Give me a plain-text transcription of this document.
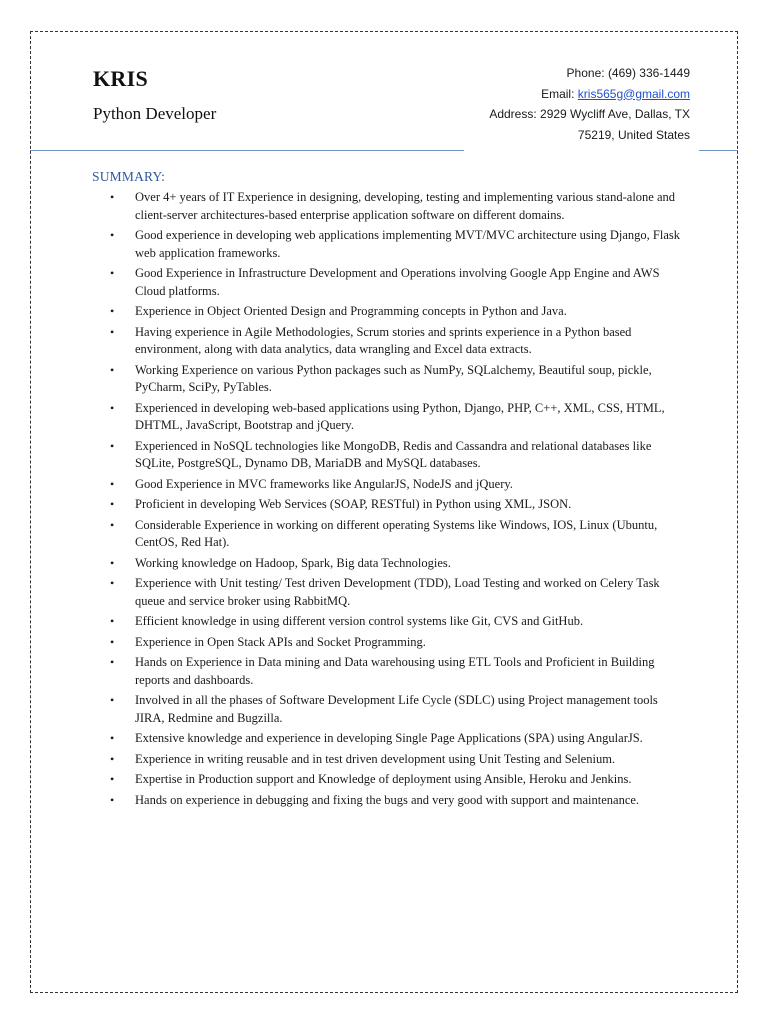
KRIS
Python Developer
Phone: (469) 336-1449
Email: kris565g@gmail.com
Address: 2929 Wycliff Ave, Dallas, TX
75219, United States
SUMMARY:
• Over 4+ years of IT Experience in designing, developing, testing and implementing various stand-alone and client-server architectures-based enterprise application software on different domains.
• Good experience in developing web applications implementing MVT/MVC architecture using Django, Flask web application frameworks.
• Good Experience in Infrastructure Development and Operations involving Google App Engine and AWS Cloud platforms.
• Experience in Object Oriented Design and Programming concepts in Python and Java.
• Having experience in Agile Methodologies, Scrum stories and sprints experience in a Python based environment, along with data analytics, data wrangling and Excel data extracts.
• Working Experience on various Python packages such as NumPy, SQLalchemy, Beautiful soup, pickle, PyCharm, SciPy, PyTables.
• Experienced in developing web-based applications using Python, Django, PHP, C++, XML, CSS, HTML, DHTML, JavaScript, Bootstrap and jQuery.
• Experienced in NoSQL technologies like MongoDB, Redis and Cassandra and relational databases like SQLite, PostgreSQL, Dynamo DB, MariaDB and MySQL databases.
• Good Experience in MVC frameworks like AngularJS, NodeJS and jQuery.
• Proficient in developing Web Services (SOAP, RESTful) in Python using XML, JSON.
• Considerable Experience in working on different operating Systems like Windows, IOS, Linux (Ubuntu, CentOS, Red Hat).
• Working knowledge on Hadoop, Spark, Big data Technologies.
• Experience with Unit testing/ Test driven Development (TDD), Load Testing and worked on Celery Task queue and service broker using RabbitMQ.
• Efficient knowledge in using different version control systems like Git, CVS and GitHub.
• Experience in Open Stack APIs and Socket Programming.
• Hands on Experience in Data mining and Data warehousing using ETL Tools and Proficient in Building reports and dashboards.
• Involved in all the phases of Software Development Life Cycle (SDLC) using Project management tools JIRA, Redmine and Bugzilla.
• Extensive knowledge and experience in developing Single Page Applications (SPA) using AngularJS.
• Experience in writing reusable and in test driven development using Unit Testing and Selenium.
• Expertise in Production support and Knowledge of deployment using Ansible, Heroku and Jenkins.
• Hands on experience in debugging and fixing the bugs and very good with support and maintenance.
